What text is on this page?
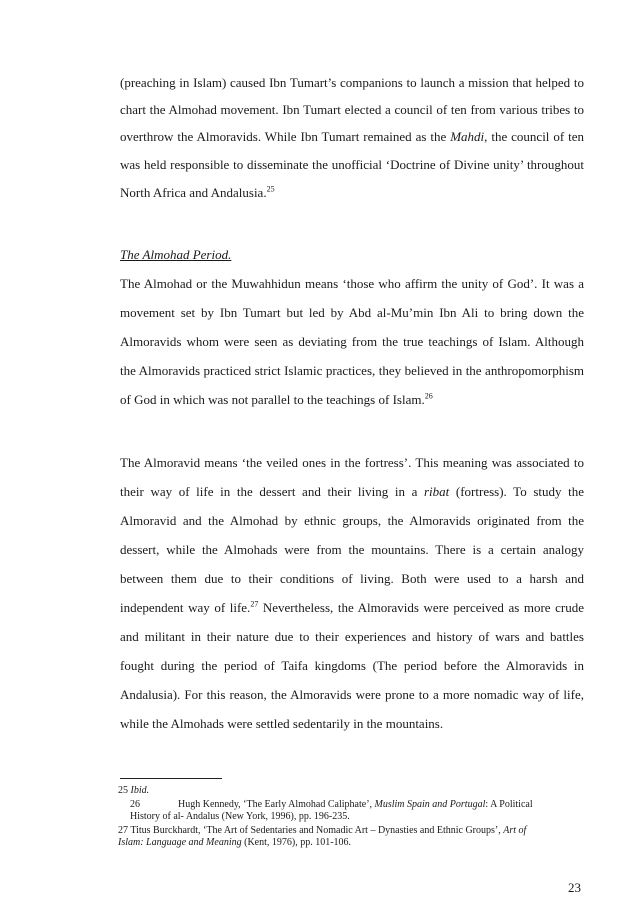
(preaching in Islam) caused Ibn Tumart’s companions to launch a mission that helped to
chart the Almohad movement. Ibn Tumart elected a council of ten from various tribes to
overthrow the Almoravids. While Ibn Tumart remained as the Mahdi, the council of ten
was held responsible to disseminate the unofficial ‘Doctrine of Divine unity’ throughout
North Africa and Andalusia.$^{25}$
The Almohad Period.
The Almohad or the Muwahhidun means ‘those who affirm the unity of God’. It was a
movement set by Ibn Tumart but led by Abd al-Mu’min Ibn Ali to bring down the
Almoravids whom were seen as deviating from the true teachings of Islam. Although
the Almoravids practiced strict Islamic practices, they believed in the anthropomorphism
of God in which was not parallel to the teachings of Islam.$^{26}$
The Almoravid means ‘the veiled ones in the fortress’. This meaning was associated to
their way of life in the dessert and their living in a ribat (fortress). To study the
Almoravid and the Almohad by ethnic groups, the Almoravids originated from the
dessert, while the Almohads were from the mountains. There is a certain analogy
between them due to their conditions of living. Both were used to a harsh and
independent way of life.$^{27}$ Nevertheless, the Almoravids were perceived as more crude
and militant in their nature due to their experiences and history of wars and battles
fought during the period of Taifa kingdoms (The period before the Almoravids in
Andalusia). For this reason, the Almoravids were prone to a more nomadic way of life,
while the Almohads were settled sedentarily in the mountains.
25 Ibid.
26	Hugh Kennedy, ‘The Early Almohad Caliphate’, Muslim Spain and Portugal: A Political
History of al- Andalus (New York, 1996), pp. 196-235.
27 Titus Burckhardt, ‘The Art of Sedentaries and Nomadic Art – Dynasties and Ethnic Groups’, Art of
Islam: Language and Meaning (Kent, 1976), pp. 101-106.
23
